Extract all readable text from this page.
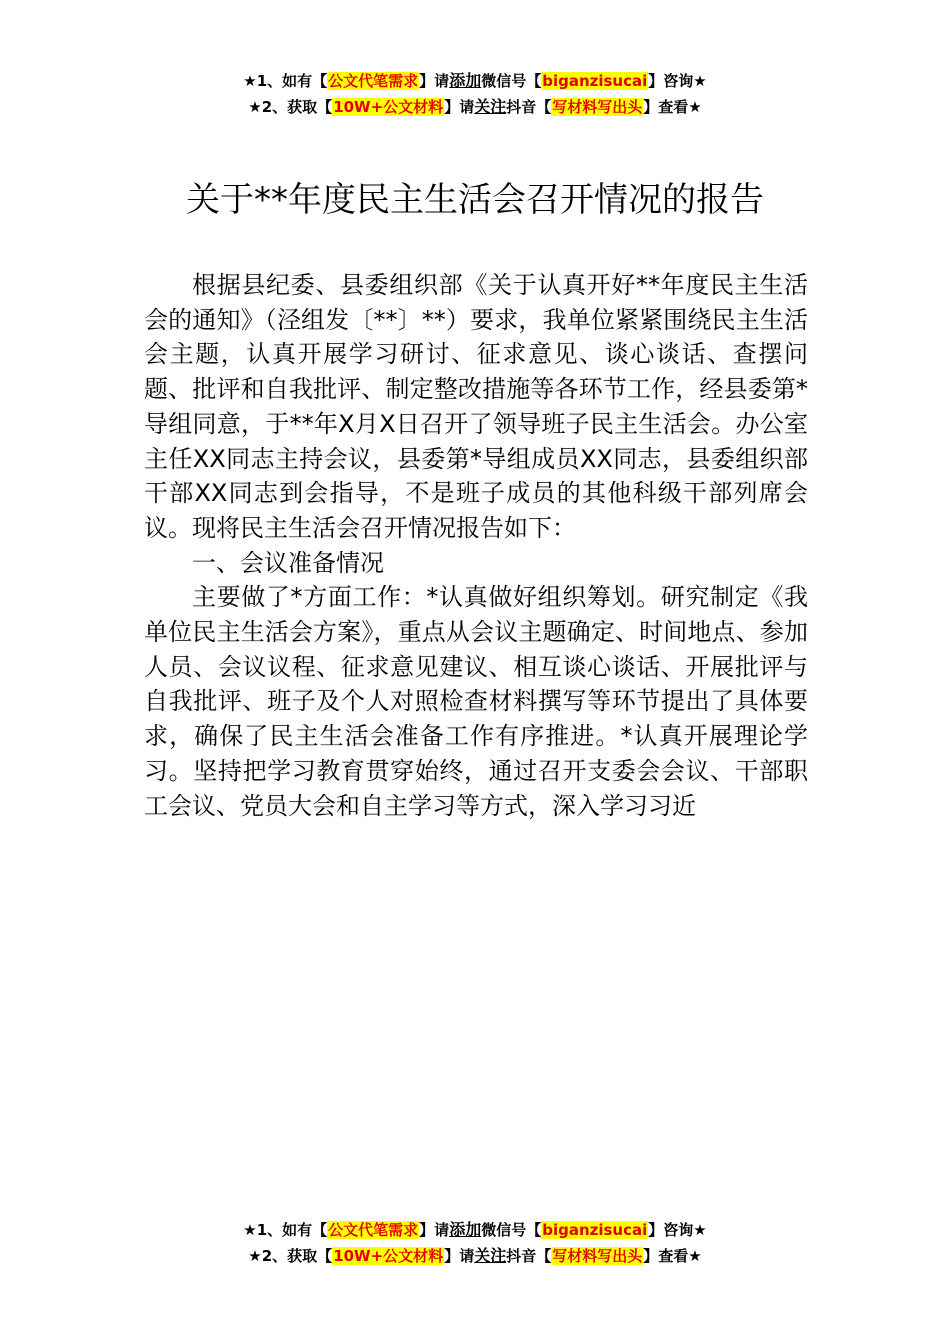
★1、如有【公文代笔需求】请添加微信号【biganzisucai】咨询★
★2、获取【10W+公文材料】请关注抖音【写材料写出头】查看★
关于**年度民主生活会召开情况的报告

根据县纪委、县委组织部《关于认真开好**年度民主生活会的通知》（泾组发〔**〕**）要求，我单位紧紧围绕民主生活会主题，认真开展学习研讨、征求意见、谈心谈话、查摆问题、批评和自我批评、制定整改措施等各环节工作，经县委第*导组同意，于**年X月X日召开了领导班子民主生活会。办公室主任XX同志主持会议，县委第*导组成员XX同志，县委组织部干部XX同志到会指导，不是班子成员的其他科级干部列席会议。现将民主生活会召开情况报告如下：

一、会议准备情况

主要做了*方面工作：*认真做好组织筹划。研究制定《我单位民主生活会方案》，重点从会议主题确定、时间地点、参加人员、会议议程、征求意见建议、相互谈心谈话、开展批评与自我批评、班子及个人对照检查材料撰写等环节提出了具体要求，确保了民主生活会准备工作有序推进。*认真开展理论学习。坚持把学习教育贯穿始终，通过召开支委会会议、干部职工会议、党员大会和自主学习等方式，深入学习习近

★1、如有【公文代笔需求】请添加微信号【biganzisucai】咨询★
★2、获取【10W+公文材料】请关注抖音【写材料写出头】查看★
